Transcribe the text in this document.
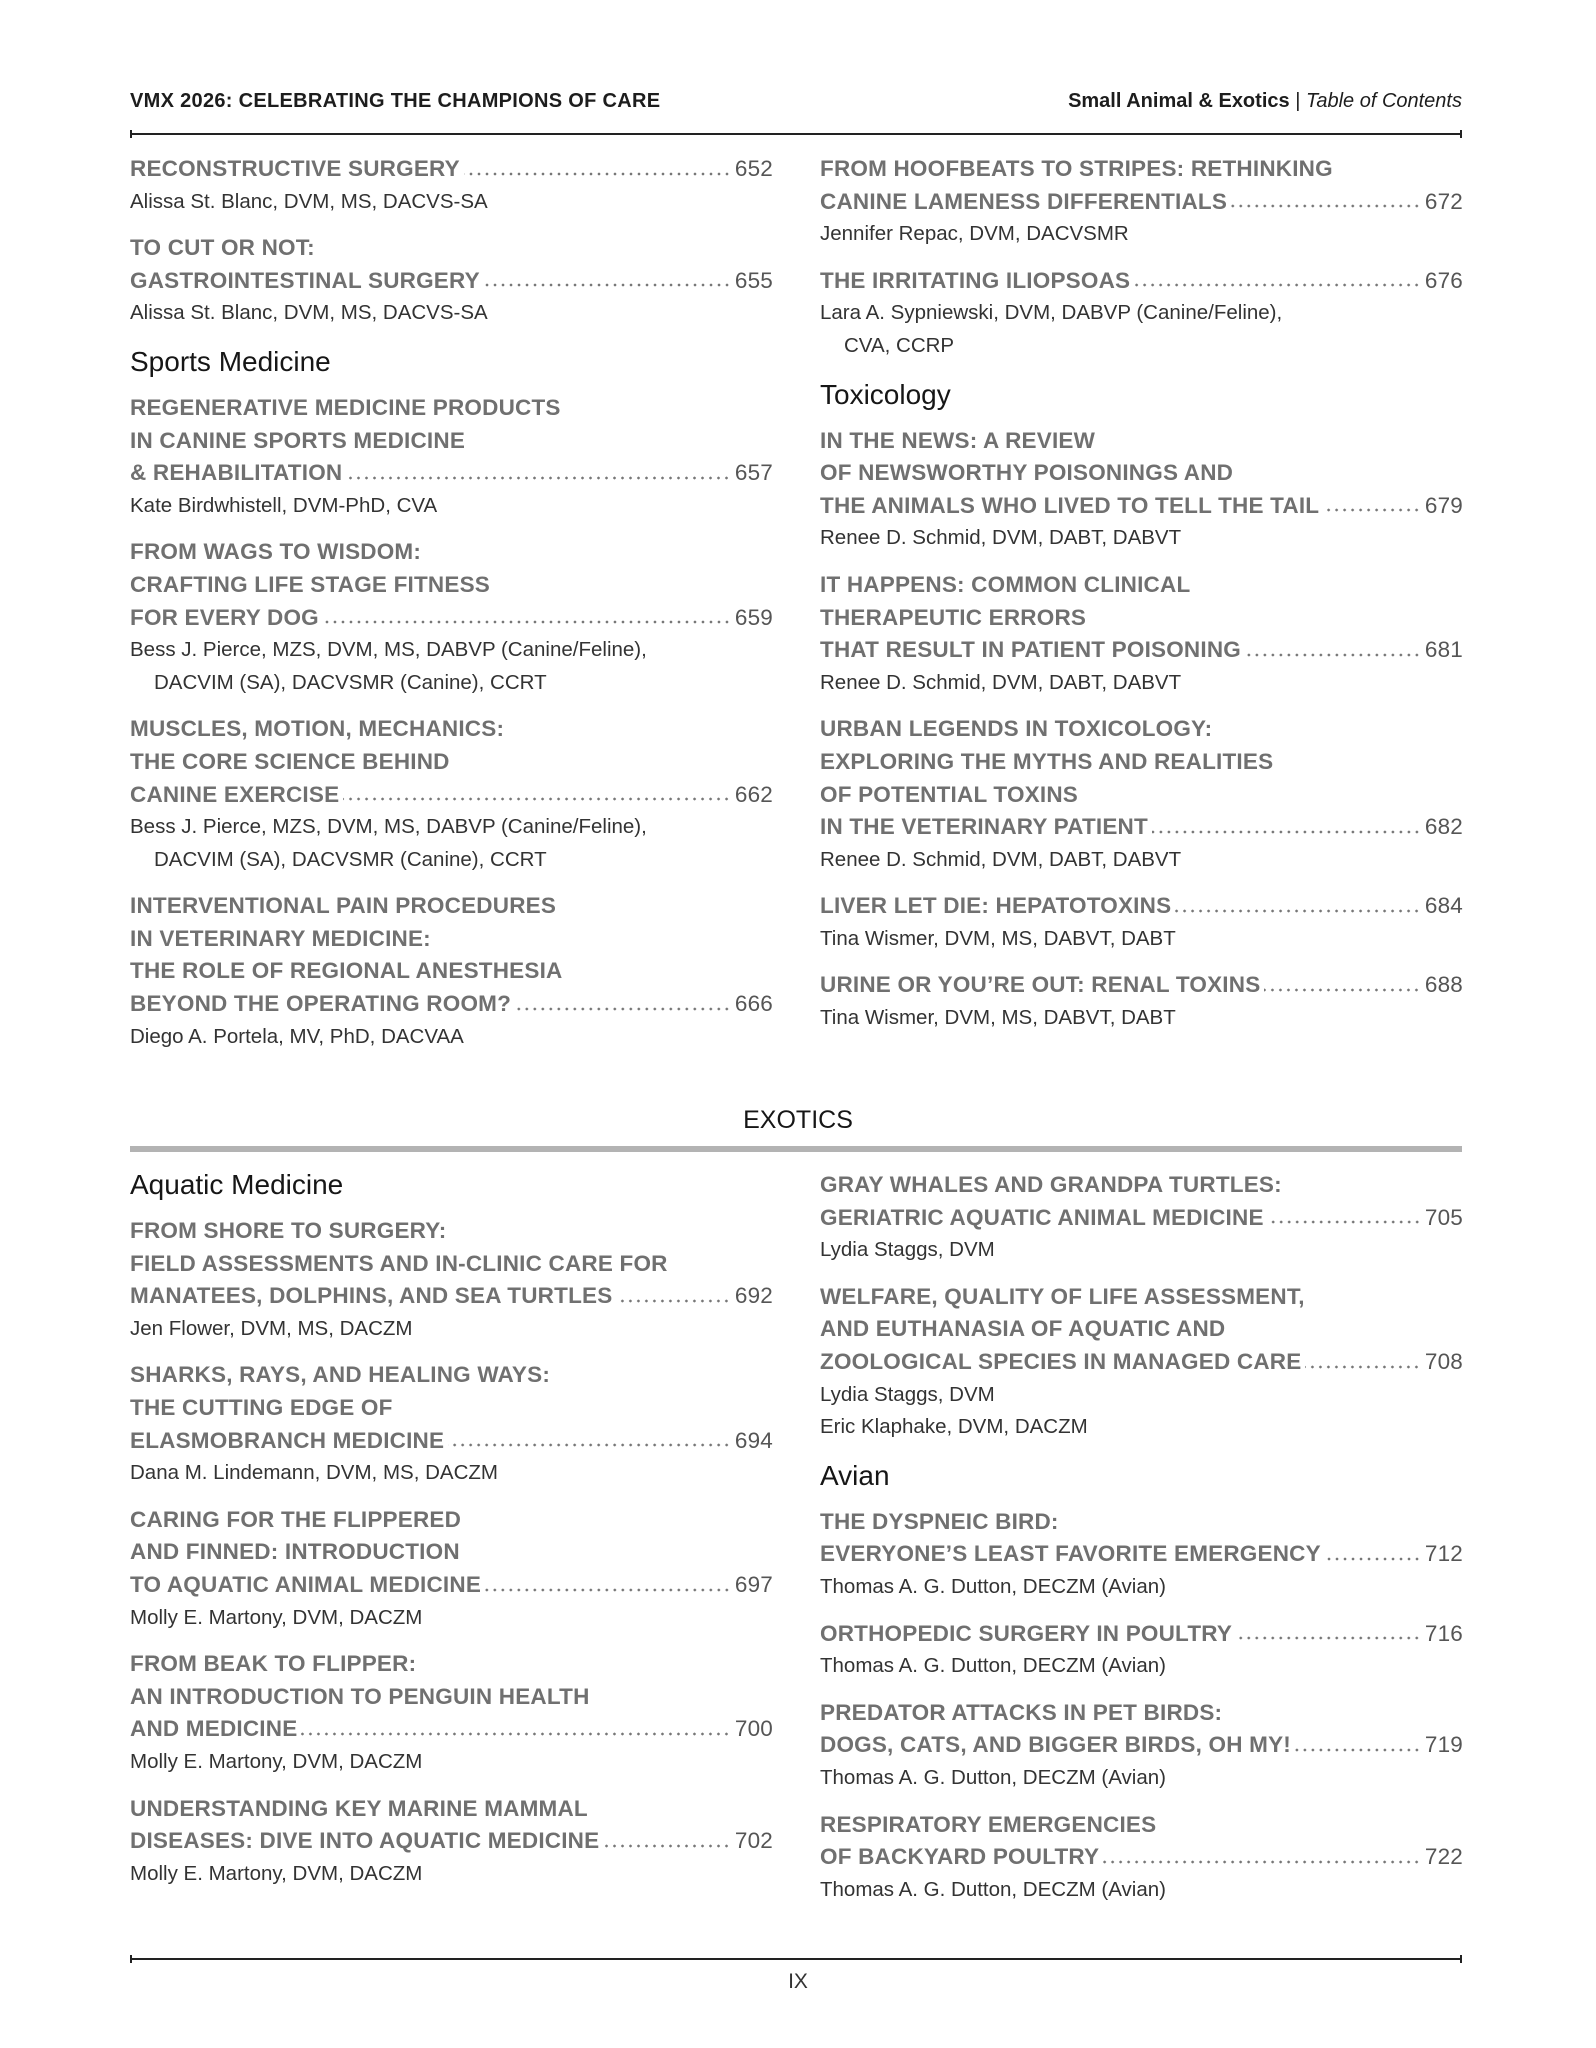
VMX 2026: CELEBRATING THE CHAMPIONS OF CARE	Small Animal & Exotics | Table of Contents
RECONSTRUCTIVE SURGERY	652
Alissa St. Blanc, DVM, MS, DACVS-SA
TO CUT OR NOT:
GASTROINTESTINAL SURGERY	655
Alissa St. Blanc, DVM, MS, DACVS-SA
Sports Medicine
REGENERATIVE MEDICINE PRODUCTS
IN CANINE SPORTS MEDICINE
& REHABILITATION	657
Kate Birdwhistell, DVM-PhD, CVA
FROM WAGS TO WISDOM:
CRAFTING LIFE STAGE FITNESS
FOR EVERY DOG	659
Bess J. Pierce, MZS, DVM, MS, DABVP (Canine/Feline),
DACVIM (SA), DACVSMR (Canine), CCRT
MUSCLES, MOTION, MECHANICS:
THE CORE SCIENCE BEHIND
CANINE EXERCISE	662
Bess J. Pierce, MZS, DVM, MS, DABVP (Canine/Feline),
DACVIM (SA), DACVSMR (Canine), CCRT
INTERVENTIONAL PAIN PROCEDURES
IN VETERINARY MEDICINE:
THE ROLE OF REGIONAL ANESTHESIA
BEYOND THE OPERATING ROOM?	666
Diego A. Portela, MV, PhD, DACVAA
FROM HOOFBEATS TO STRIPES: RETHINKING
CANINE LAMENESS DIFFERENTIALS	672
Jennifer Repac, DVM, DACVSMR
THE IRRITATING ILIOPSOAS	676
Lara A. Sypniewski, DVM, DABVP (Canine/Feline),
CVA, CCRP
Toxicology
IN THE NEWS: A REVIEW
OF NEWSWORTHY POISONINGS AND
THE ANIMALS WHO LIVED TO TELL THE TAIL	679
Renee D. Schmid, DVM, DABT, DABVT
IT HAPPENS: COMMON CLINICAL
THERAPEUTIC ERRORS
THAT RESULT IN PATIENT POISONING	681
Renee D. Schmid, DVM, DABT, DABVT
URBAN LEGENDS IN TOXICOLOGY:
EXPLORING THE MYTHS AND REALITIES
OF POTENTIAL TOXINS
IN THE VETERINARY PATIENT	682
Renee D. Schmid, DVM, DABT, DABVT
LIVER LET DIE: HEPATOTOXINS	684
Tina Wismer, DVM, MS, DABVT, DABT
URINE OR YOU’RE OUT: RENAL TOXINS	688
Tina Wismer, DVM, MS, DABVT, DABT
EXOTICS
Aquatic Medicine
FROM SHORE TO SURGERY:
FIELD ASSESSMENTS AND IN-CLINIC CARE FOR
MANATEES, DOLPHINS, AND SEA TURTLES	692
Jen Flower, DVM, MS, DACZM
SHARKS, RAYS, AND HEALING WAYS:
THE CUTTING EDGE OF
ELASMOBRANCH MEDICINE	694
Dana M. Lindemann, DVM, MS, DACZM
CARING FOR THE FLIPPERED
AND FINNED: INTRODUCTION
TO AQUATIC ANIMAL MEDICINE	697
Molly E. Martony, DVM, DACZM
FROM BEAK TO FLIPPER:
AN INTRODUCTION TO PENGUIN HEALTH
AND MEDICINE	700
Molly E. Martony, DVM, DACZM
UNDERSTANDING KEY MARINE MAMMAL
DISEASES: DIVE INTO AQUATIC MEDICINE	702
Molly E. Martony, DVM, DACZM
GRAY WHALES AND GRANDPA TURTLES:
GERIATRIC AQUATIC ANIMAL MEDICINE	705
Lydia Staggs, DVM
WELFARE, QUALITY OF LIFE ASSESSMENT,
AND EUTHANASIA OF AQUATIC AND
ZOOLOGICAL SPECIES IN MANAGED CARE	708
Lydia Staggs, DVM
Eric Klaphake, DVM, DACZM
Avian
THE DYSPNEIC BIRD:
EVERYONE’S LEAST FAVORITE EMERGENCY	712
Thomas A. G. Dutton, DECZM (Avian)
ORTHOPEDIC SURGERY IN POULTRY	716
Thomas A. G. Dutton, DECZM (Avian)
PREDATOR ATTACKS IN PET BIRDS:
DOGS, CATS, AND BIGGER BIRDS, OH MY!	719
Thomas A. G. Dutton, DECZM (Avian)
RESPIRATORY EMERGENCIES
OF BACKYARD POULTRY	722
Thomas A. G. Dutton, DECZM (Avian)
IX
